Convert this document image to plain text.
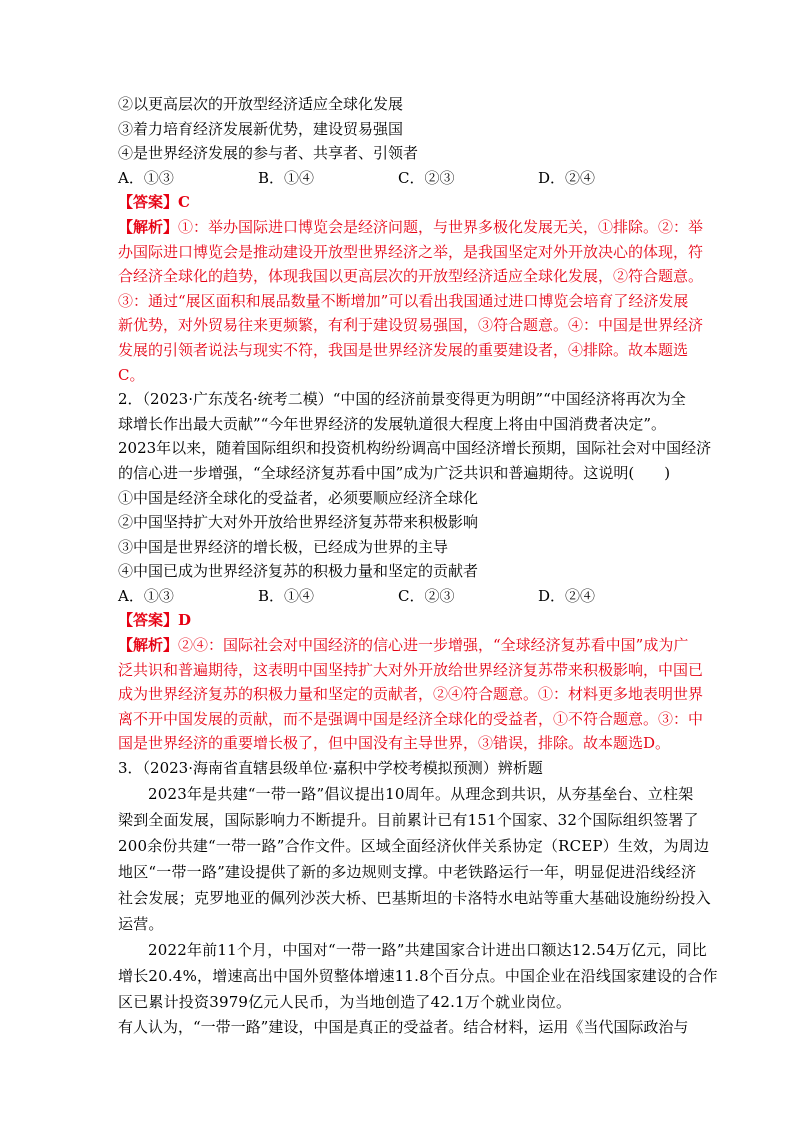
②以更高层次的开放型经济适应全球化发展
③着力培育经济发展新优势，建设贸易强国
④是世界经济发展的参与者、共享者、引领者
A．①③	B．①④	C．②③	D．②④
【答案】C
【解析】①：举办国际进口博览会是经济问题，与世界多极化发展无关，①排除。②：举
办国际进口博览会是推动建设开放型世界经济之举，是我国坚定对外开放决心的体现，符
合经济全球化的趋势，体现我国以更高层次的开放型经济适应全球化发展，②符合题意。
③：通过“展区面积和展品数量不断增加”可以看出我国通过进口博览会培育了经济发展
新优势，对外贸易往来更频繁，有利于建设贸易强国，③符合题意。④：中国是世界经济
发展的引领者说法与现实不符，我国是世界经济发展的重要建设者，④排除。故本题选
C。
2．（2023·广东茂名·统考二模）“中国的经济前景变得更为明朗”“中国经济将再次为全
球增长作出最大贡献”“今年世界经济的发展轨道很大程度上将由中国消费者决定”。
2023年以来，随着国际组织和投资机构纷纷调高中国经济增长预期，国际社会对中国经济
的信心进一步增强，“全球经济复苏看中国”成为广泛共识和普遍期待。这说明(　　)
①中国是经济全球化的受益者，必须要顺应经济全球化
②中国坚持扩大对外开放给世界经济复苏带来积极影响
③中国是世界经济的增长极，已经成为世界的主导
④中国已成为世界经济复苏的积极力量和坚定的贡献者
A．①③	B．①④	C．②③	D．②④
【答案】D
【解析】②④：国际社会对中国经济的信心进一步增强，“全球经济复苏看中国”成为广
泛共识和普遍期待，这表明中国坚持扩大对外开放给世界经济复苏带来积极影响，中国已
成为世界经济复苏的积极力量和坚定的贡献者，②④符合题意。①：材料更多地表明世界
离不开中国发展的贡献，而不是强调中国是经济全球化的受益者，①不符合题意。③：中
国是世界经济的重要增长极了，但中国没有主导世界，③错误，排除。故本题选D。
3．（2023·海南省直辖县级单位·嘉积中学校考模拟预测）辨析题
2023年是共建“一带一路”倡议提出10周年。从理念到共识，从夯基垒台、立柱架
梁到全面发展，国际影响力不断提升。目前累计已有151个国家、32个国际组织签署了
200余份共建“一带一路”合作文件。区域全面经济伙伴关系协定（RCEP）生效，为周边
地区“一带一路”建设提供了新的多边规则支撑。中老铁路运行一年，明显促进沿线经济
社会发展；克罗地亚的佩列沙茨大桥、巴基斯坦的卡洛特水电站等重大基础设施纷纷投入
运营。
2022年前11个月，中国对“一带一路”共建国家合计进出口额达12.54万亿元，同比
增长20.4%，增速高出中国外贸整体增速11.8个百分点。中国企业在沿线国家建设的合作
区已累计投资3979亿元人民币，为当地创造了42.1万个就业岗位。
有人认为，“一带一路”建设，中国是真正的受益者。结合材料，运用《当代国际政治与
